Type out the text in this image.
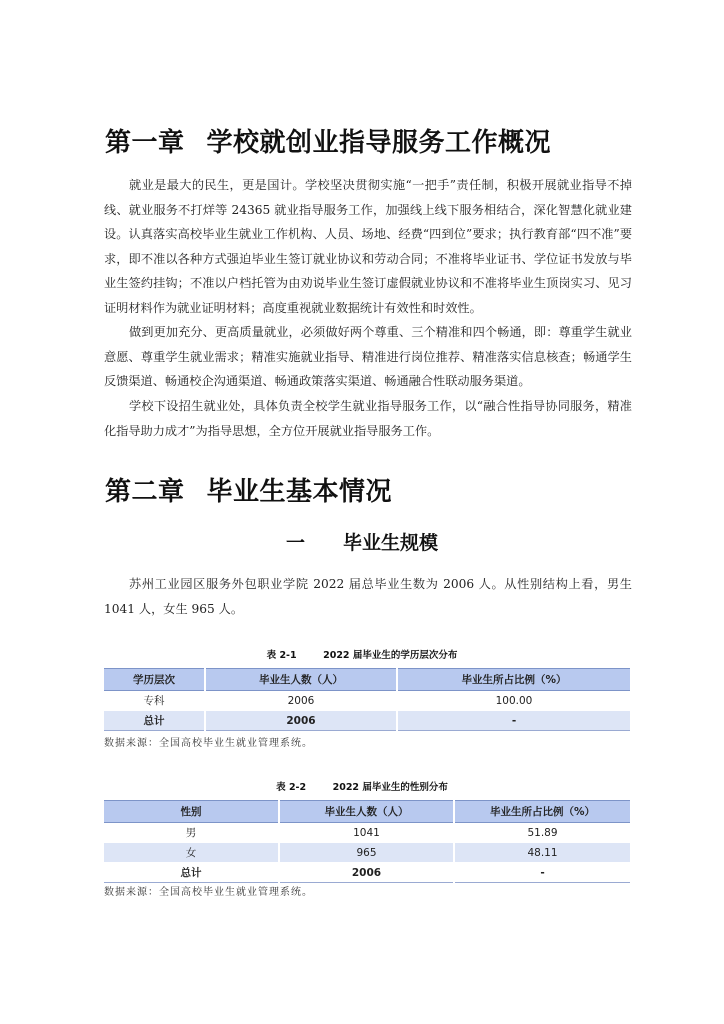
第一章 学校就创业指导服务工作概况

就业是最大的民生，更是国计。学校坚决贯彻实施“一把手”责任制，积极开展就业指导不掉线、就业服务不打烊等 24365 就业指导服务工作，加强线上线下服务相结合，深化智慧化就业建设。认真落实高校毕业生就业工作机构、人员、场地、经费“四到位”要求；执行教育部“四不准”要求，即不准以各种方式强迫毕业生签订就业协议和劳动合同；不准将毕业证书、学位证书发放与毕业生签约挂钩；不准以户档托管为由劝说毕业生签订虚假就业协议和不准将毕业生顶岗实习、见习证明材料作为就业证明材料；高度重视就业数据统计有效性和时效性。

做到更加充分、更高质量就业，必须做好两个尊重、三个精准和四个畅通，即：尊重学生就业意愿、尊重学生就业需求；精准实施就业指导、精准进行岗位推荐、精准落实信息核查；畅通学生反馈渠道、畅通校企沟通渠道、畅通政策落实渠道、畅通融合性联动服务渠道。

学校下设招生就业处，具体负责全校学生就业指导服务工作，以“融合性指导协同服务，精准化指导助力成才”为指导思想，全方位开展就业指导服务工作。

第二章 毕业生基本情况
一 毕业生规模

苏州工业园区服务外包职业学院 2022 届总毕业生数为 2006 人。从性别结构上看，男生 1041 人，女生 965 人。

表 2-1	2022 届毕业生的学历层次分布
学历层次	毕业生人数（人）	毕业生所占比例（%）
专科	2006	100.00
总计	2006	-
数据来源：全国高校毕业生就业管理系统。
表 2-2	2022 届毕业生的性别分布
性别	毕业生人数（人）	毕业生所占比例（%）
男	1041	51.89
女	965	48.11
总计	2006	-
数据来源：全国高校毕业生就业管理系统。
